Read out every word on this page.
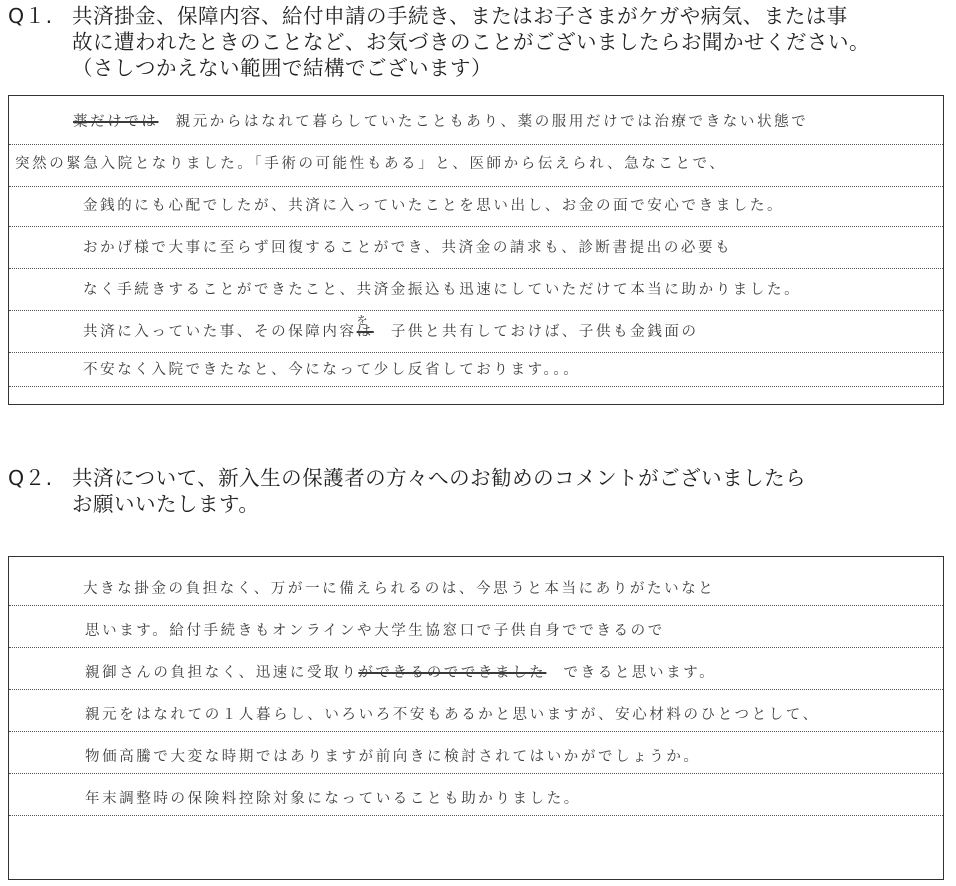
Q１. 共済掛金、保障内容、給付申請の手続き、またはお子さまがケガや病気、または事
故に遭われたときのことなど、お気づきのことがございましたらお聞かせください。
（さしつかえない範囲で結構でございます）
薬だけでは　 親元からはなれて暮らしていたこともあり、薬の服用だけでは治療できない状態で
突然の緊急入院となりました。「手術の可能性もある」と、医師から伝えられ、急なことで、
金銭的にも心配でしたが、共済に入っていたことを思い出し、お金の面で安心できました。
おかげ様で大事に至らず回復することができ、共済金の請求も、診断書提出の必要も
なく手続きすることができたこと、共済金振込も迅速にしていただけて本当に助かりました。
共済に入っていた事、その保障内容
を
は　 子供と共有しておけば、子供も金銭面の
不安なく入院できたなと、今になって少し反省しております。。。
Q２. 共済について、新入生の保護者の方々へのお勧めのコメントがございましたら
お願いいたします。
大きな掛金の負担なく、万が一に備えられるのは、今思うと本当にありがたいなと
思います。給付手続きもオンラインや大学生協窓口で子供自身でできるので
親御さんの負担なく、迅速に受取りができるのでできました　 できると思います。
親元をはなれての１人暮らし、いろいろ不安もあるかと思いますが、安心材料のひとつとして、
物価高騰で大変な時期ではありますが前向きに検討されてはいかがでしょうか。
年末調整時の保険料控除対象になっていることも助かりました。
